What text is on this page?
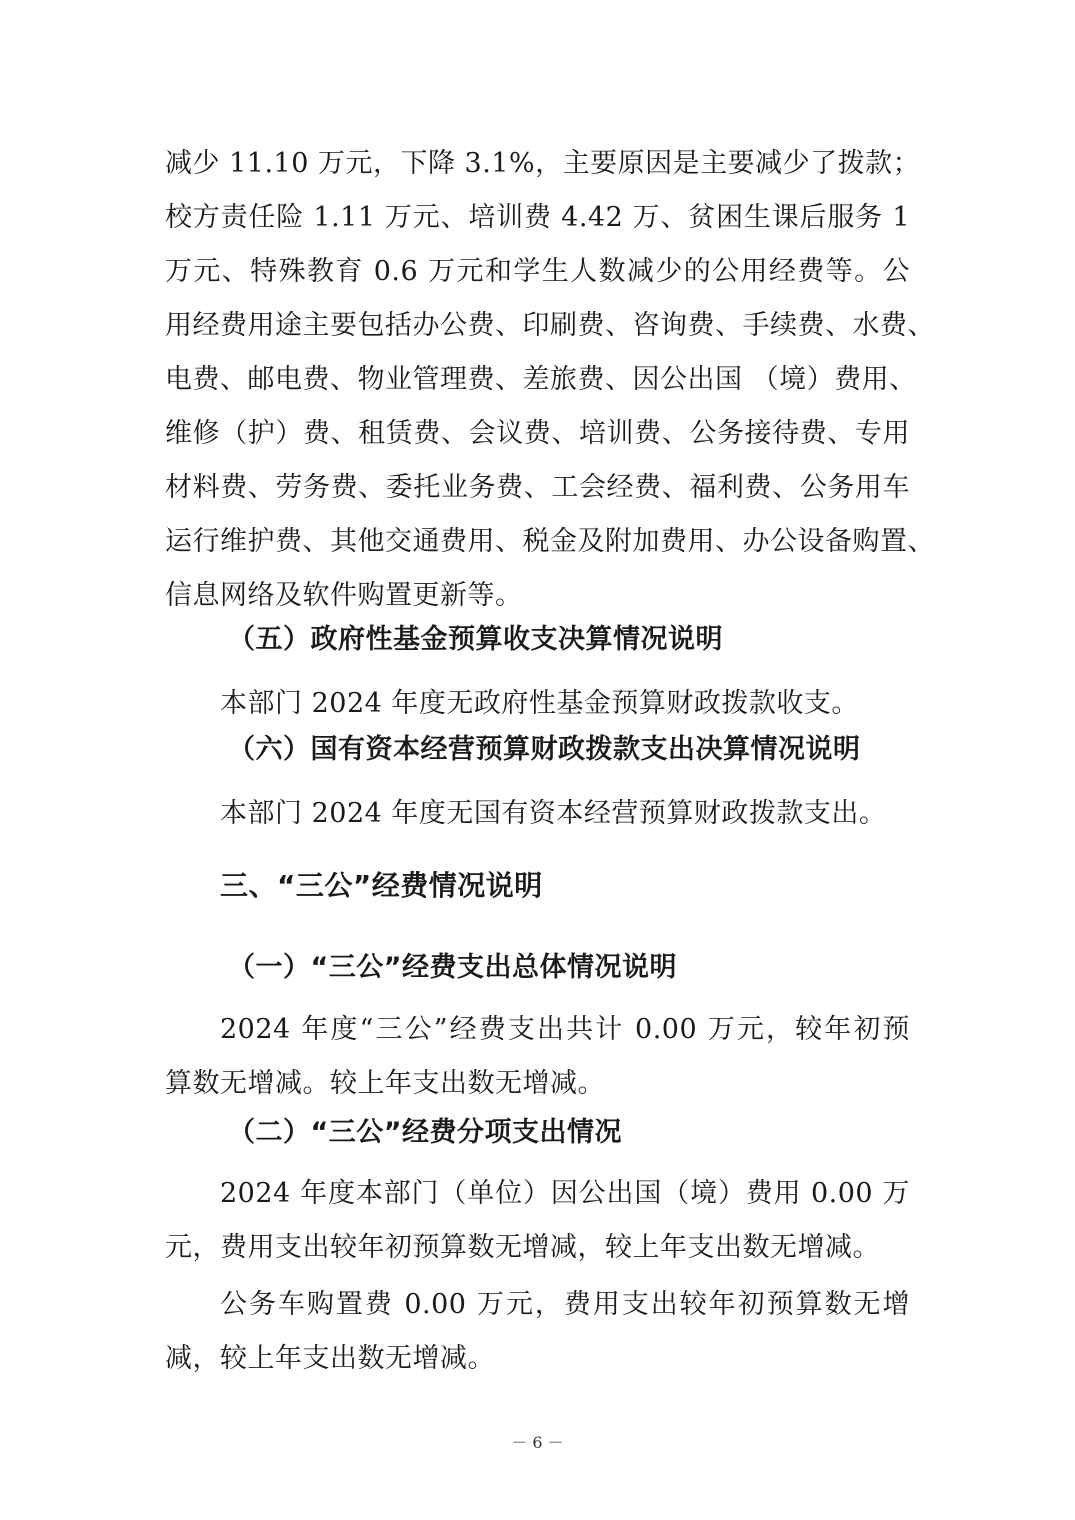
减少 11.10 万元，下降 3.1%，主要原因是主要减少了拨款；
校方责任险 1.11 万元、培训费 4.42 万、贫困生课后服务 1
万元、特殊教育 0.6 万元和学生人数减少的公用经费等。公
用经费用途主要包括办公费、印刷费、咨询费、手续费、水费、
电费、邮电费、物业管理费、差旅费、因公出国 （境）费用、
维修（护）费、租赁费、会议费、培训费、公务接待费、专用
材料费、劳务费、委托业务费、工会经费、福利费、公务用车
运行维护费、其他交通费用、税金及附加费用、办公设备购置、
信息网络及软件购置更新等。
（五）政府性基金预算收支决算情况说明
本部门 2024 年度无政府性基金预算财政拨款收支。
（六）国有资本经营预算财政拨款支出决算情况说明
本部门 2024 年度无国有资本经营预算财政拨款支出。
三、“三公”经费情况说明
（一）“三公”经费支出总体情况说明
2024 年度“三公”经费支出共计 0.00 万元，较年初预
算数无增减。较上年支出数无增减。
（二）“三公”经费分项支出情况
2024 年度本部门（单位）因公出国（境）费用 0.00 万
元，费用支出较年初预算数无增减，较上年支出数无增减。
公务车购置费 0.00 万元，费用支出较年初预算数无增
减，较上年支出数无增减。
－ 6 －
